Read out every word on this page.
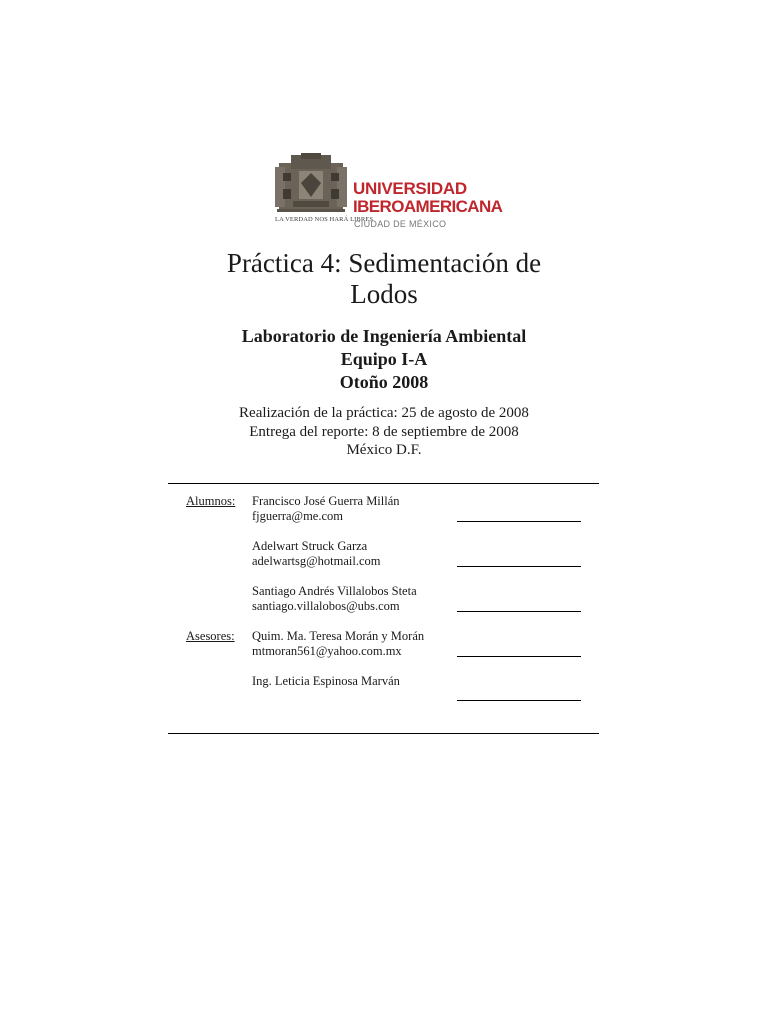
LA VERDAD NOS HARÁ LIBRES
UNIVERSIDAD
IBEROAMERICANA
CIUDAD DE MÉXICO
Práctica 4: Sedimentación de
Lodos
Laboratorio de Ingeniería Ambiental
Equipo I-A
Otoño 2008
Realización de la práctica: 25 de agosto de 2008
Entrega del reporte: 8 de septiembre de 2008
México D.F.
Alumnos: Francisco José Guerra Millán
fjguerra@me.com
Adelwart Struck Garza
adelwartsg@hotmail.com
Santiago Andrés Villalobos Steta
santiago.villalobos@ubs.com
Asesores: Quim. Ma. Teresa Morán y Morán
mtmoran561@yahoo.com.mx
Ing. Leticia Espinosa Marván
